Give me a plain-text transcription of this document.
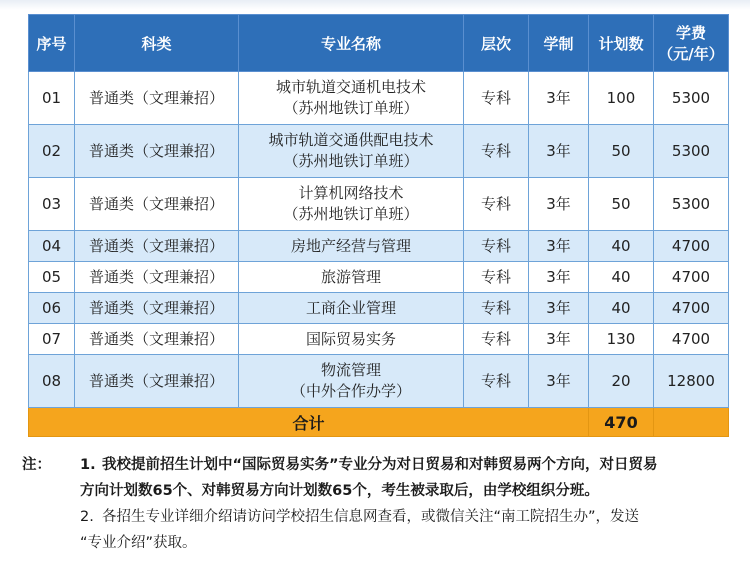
序号	科类	专业名称	层次	学制	计划数	学费
（元/年）

01	普通类（文理兼招）	城市轨道交通机电技术
（苏州地铁订单班）	专科	3年	100	5300
02	普通类（文理兼招）	城市轨道交通供配电技术
（苏州地铁订单班）	专科	3年	50	5300
03	普通类（文理兼招）	计算机网络技术
（苏州地铁订单班）	专科	3年	50	5300
04	普通类（文理兼招）	房地产经营与管理	专科	3年	40	4700
05	普通类（文理兼招）	旅游管理	专科	3年	40	4700
06	普通类（文理兼招）	工商企业管理	专科	3年	40	4700
07	普通类（文理兼招）	国际贸易实务	专科	3年	130	4700
08	普通类（文理兼招）	物流管理
（中外合作办学）	专科	3年	20	12800
合计					470	
注：	1. 我校提前招生计划中“国际贸易实务”专业分为对日贸易和对韩贸易两个方向，对日贸易
方向计划数65个、对韩贸易方向计划数65个，考生被录取后，由学校组织分班。
2. 各招生专业详细介绍请访问学校招生信息网查看，或微信关注“南工院招生办”，发送
“专业介绍”获取。
